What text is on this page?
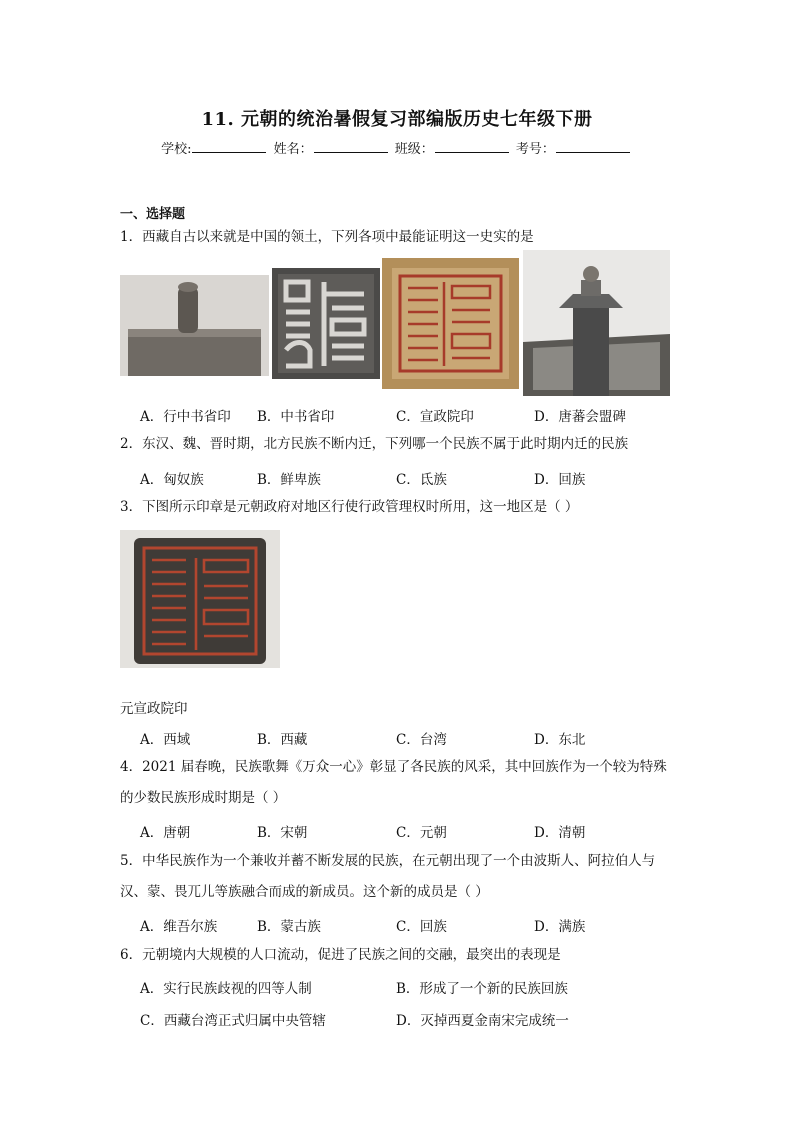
11. 元朝的统治暑假复习部编版历史七年级下册
学校:	姓名：	班级：	考号：
一、选择题
1．西藏自古以来就是中国的领土，下列各项中最能证明这一史实的是
A．行中书省印 B．中书省印	C．宣政院印	D．唐蕃会盟碑
2．东汉、魏、晋时期，北方民族不断内迁，下列哪一个民族不属于此时期内迁的民族
A．匈奴族	B．鲜卑族	C．氐族	D．回族
3．下图所示印章是元朝政府对地区行使行政管理权时所用，这一地区是（ ）
元宣政院印
A．西域	B．西藏	C．台湾	D．东北
4．2021 届春晚，民族歌舞《万众一心》彰显了各民族的风采，其中回族作为一个较为特殊
的少数民族形成时期是（ ）
A．唐朝	B．宋朝	C．元朝	D．清朝
5．中华民族作为一个兼收并蓄不断发展的民族，在元朝出现了一个由波斯人、阿拉伯人与
汉、蒙、畏兀儿等族融合而成的新成员。这个新的成员是（ ）
A．维吾尔族	B．蒙古族	C．回族	D．满族
6．元朝境内大规模的人口流动，促进了民族之间的交融，最突出的表现是
A．实行民族歧视的四等人制	B．形成了一个新的民族回族
C．西藏台湾正式归属中央管辖	D．灭掉西夏金南宋完成统一
